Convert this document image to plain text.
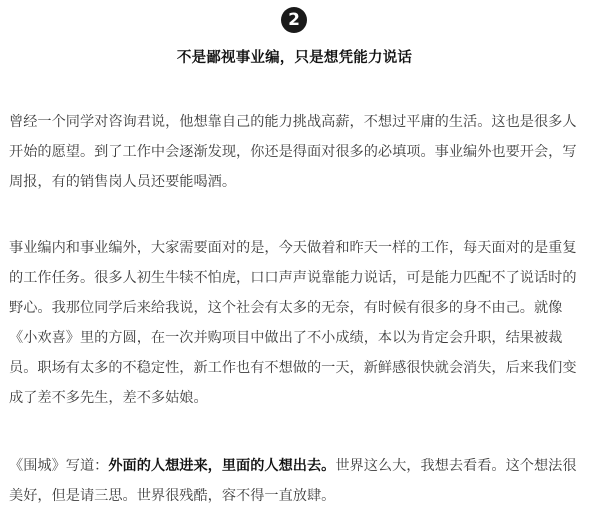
2
不是鄙视事业编，只是想凭能力说话

曾经一个同学对咨询君说，他想靠自己的能力挑战高薪，不想过平庸的生活。这也是很多人开始的愿望。到了工作中会逐渐发现，你还是得面对很多的必填项。事业编外也要开会，写周报，有的销售岗人员还要能喝酒。

事业编内和事业编外，大家需要面对的是，今天做着和昨天一样的工作，每天面对的是重复的工作任务。很多人初生牛犊不怕虎，口口声声说靠能力说话，可是能力匹配不了说话时的野心。我那位同学后来给我说，这个社会有太多的无奈，有时候有很多的身不由己。就像《小欢喜》里的方圆，在一次并购项目中做出了不小成绩，本以为肯定会升职，结果被裁员。职场有太多的不稳定性，新工作也有不想做的一天，新鲜感很快就会消失，后来我们变成了差不多先生，差不多姑娘。

《围城》写道：外面的人想进来，里面的人想出去。世界这么大，我想去看看。这个想法很美好，但是请三思。世界很残酷，容不得一直放肆。
